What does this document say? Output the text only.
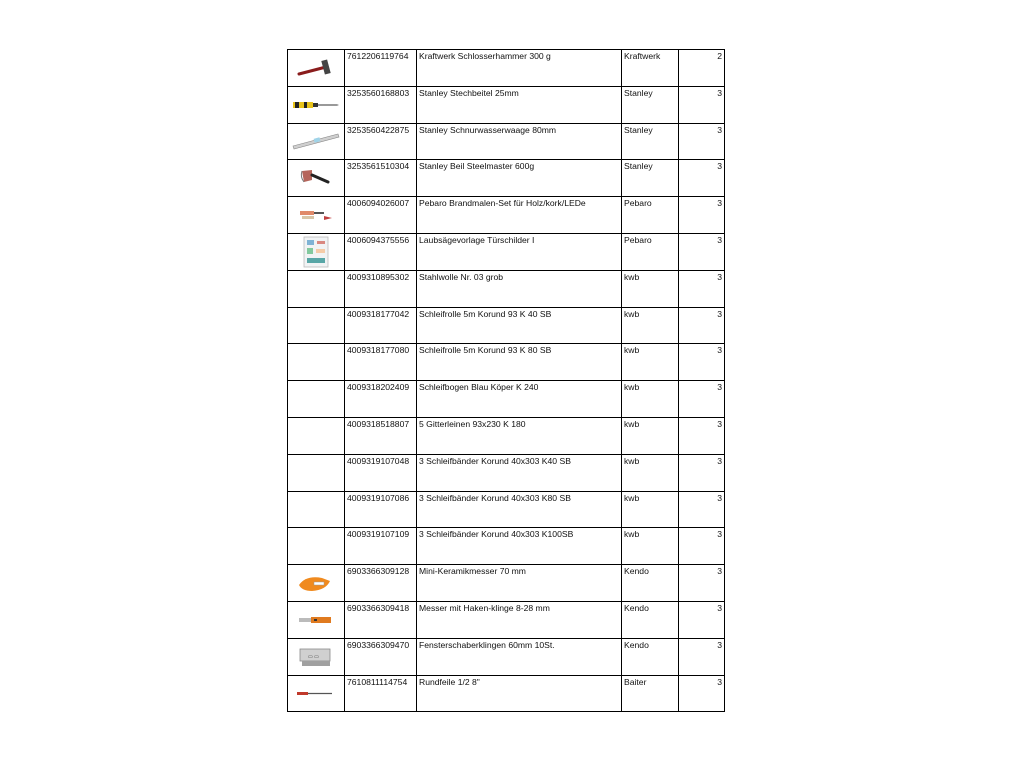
	7612206119764	Kraftwerk Schlosserhammer 300 g	Kraftwerk	2

	3253560168803	Stanley Stechbeitel 25mm	Stanley	3

	3253560422875	Stanley Schnurwasserwaage 80mm	Stanley	3

	3253561510304	Stanley Beil Steelmaster 600g	Stanley	3

	4006094026007	Pebaro Brandmalen-Set für Holz/kork/LEDe	Pebaro	3

	4006094375556	Laubsägevorlage Türschilder I	Pebaro	3
	4009310895302	Stahlwolle Nr. 03 grob	kwb	3
	4009318177042	Schleifrolle 5m Korund 93 K 40 SB	kwb	3
	4009318177080	Schleifrolle 5m Korund 93 K 80 SB	kwb	3
	4009318202409	Schleifbogen Blau Köper K 240	kwb	3
	4009318518807	5 Gitterleinen 93x230 K 180	kwb	3
	4009319107048	3 Schleifbänder Korund 40x303 K40 SB	kwb	3
	4009319107086	3 Schleifbänder Korund 40x303 K80 SB	kwb	3
	4009319107109	3 Schleifbänder Korund 40x303 K100SB	kwb	3

	6903366309128	Mini-Keramikmesser 70 mm	Kendo	3

	6903366309418	Messer mit Haken-klinge 8-28 mm	Kendo	3

▭ ▭	6903366309470	Fensterschaberklingen 60mm 10St.	Kendo	3

	7610811114754	Rundfeile 1/2 8"	Baiter	3
